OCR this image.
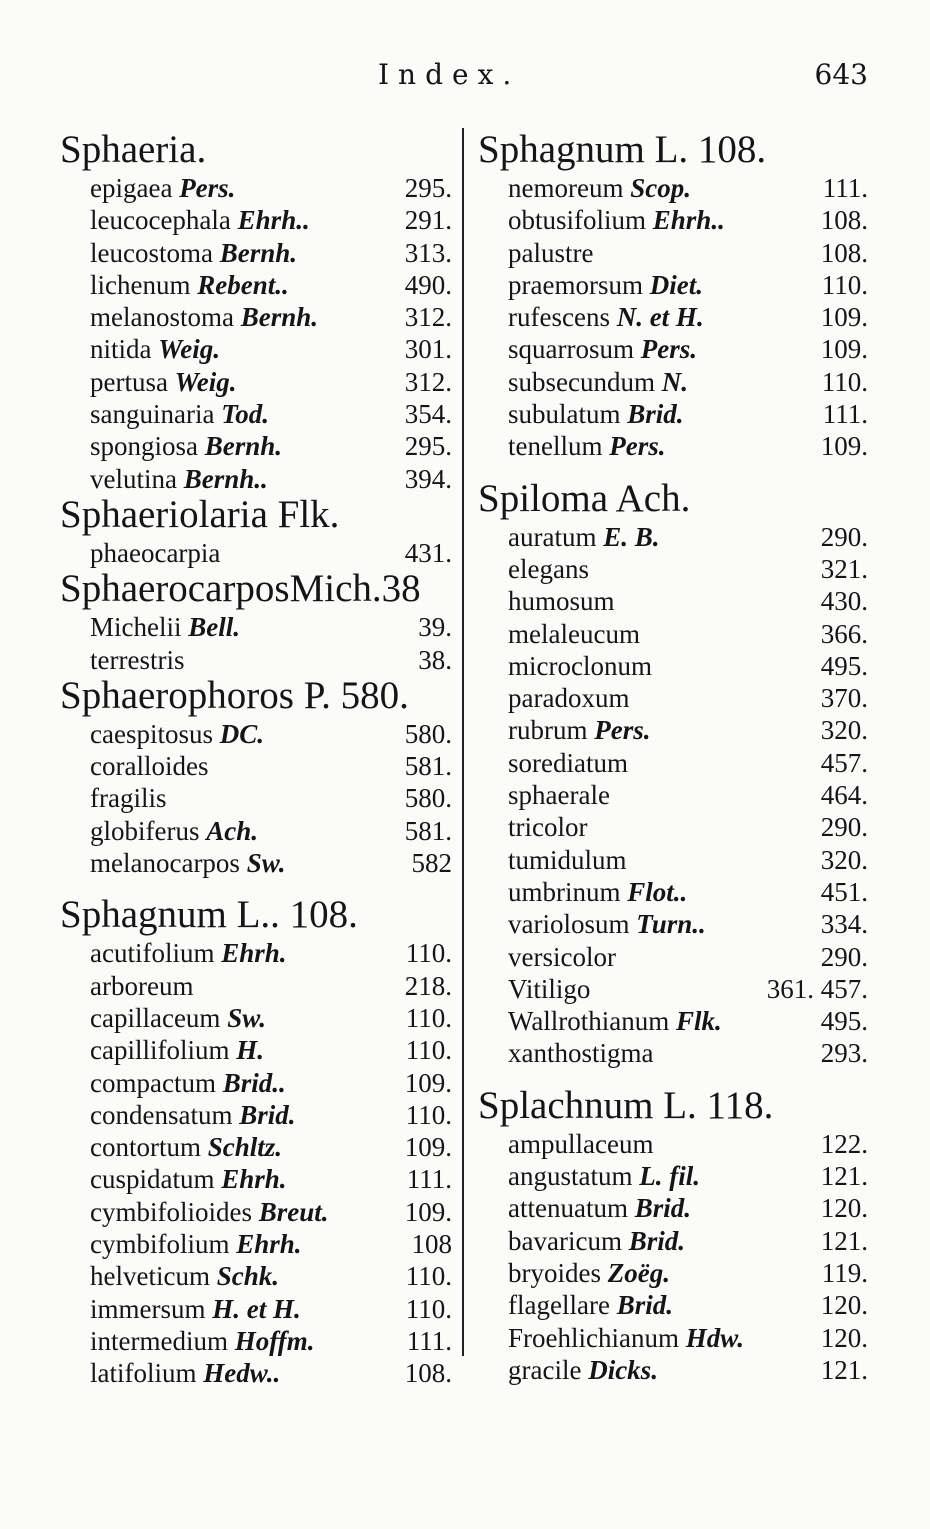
Index.	643
Sphaeria.
epigaea Pers.	295.
leucocephala Ehrh..	291.
leucostoma Bernh.	313.
lichenum Rebent..	490.
melanostoma Bernh.	312.
nitida Weig.	301.
pertusa Weig.	312.
sanguinaria Tod.	354.
spongiosa Bernh.	295.
velutina Bernh..	394.
Sphaeriolaria Flk.
phaeocarpia	431.
SphaerocarposMich.38
Michelii Bell.	39.
terrestris	38.
Sphaerophoros P. 580.
caespitosus DC.	580.
coralloides	581.
fragilis	580.
globiferus Ach.	581.
melanocarpos Sw.	582
Sphagnum L.. 108.
acutifolium Ehrh.	110.
arboreum	218.
capillaceum Sw.	110.
capillifolium H.	110.
compactum Brid..	109.
condensatum Brid.	110.
contortum Schltz.	109.
cuspidatum Ehrh.	111.
cymbifolioides Breut.	109.
cymbifolium Ehrh.	108
helveticum Schk.	110.
immersum H. et H.	110.
intermedium Hoffm.	111.
latifolium Hedw..	108.
Sphagnum L. 108.
nemoreum Scop.	111.
obtusifolium Ehrh..	108.
palustre	108.
praemorsum Diet.	110.
rufescens N. et H.	109.
squarrosum Pers.	109.
subsecundum N.	110.
subulatum Brid.	111.
tenellum Pers.	109.
Spiloma Ach.
auratum E. B.	290.
elegans	321.
humosum	430.
melaleucum	366.
microclonum	495.
paradoxum	370.
rubrum Pers.	320.
sorediatum	457.
sphaerale	464.
tricolor	290.
tumidulum	320.
umbrinum Flot..	451.
variolosum Turn..	334.
versicolor	290.
Vitiligo	361. 457.
Wallrothianum Flk.	495.
xanthostigma	293.
Splachnum L. 118.
ampullaceum	122.
angustatum L. fil.	121.
attenuatum Brid.	120.
bavaricum Brid.	121.
bryoides Zoëg.	119.
flagellare Brid.	120.
Froehlichianum Hdw.	120.
gracile Dicks.	121.
